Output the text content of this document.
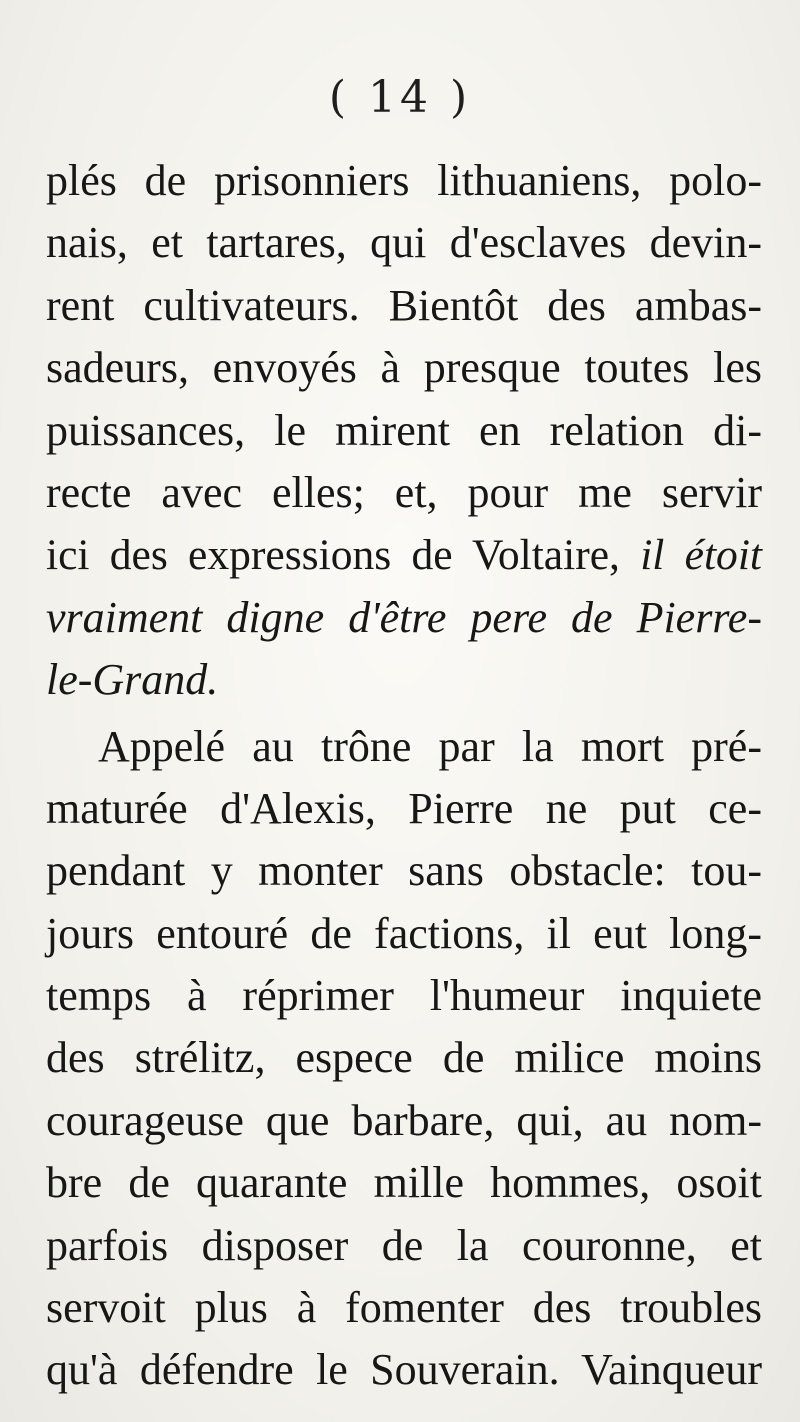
( 14 )
plés de prisonniers lithuaniens, polo-
nais, et tartares, qui d'esclaves devin-
rent cultivateurs. Bientôt des ambas-
sadeurs, envoyés à presque toutes les
puissances, le mirent en relation di-
recte avec elles; et, pour me servir
ici des expressions de Voltaire, il étoit
vraiment digne d'être pere de Pierre-
le-Grand.
Appelé au trône par la mort pré-
maturée d'Alexis, Pierre ne put ce-
pendant y monter sans obstacle: tou-
jours entouré de factions, il eut long-
temps à réprimer l'humeur inquiete
des strélitz, espece de milice moins
courageuse que barbare, qui, au nom-
bre de quarante mille hommes, osoit
parfois disposer de la couronne, et
servoit plus à fomenter des troubles
qu'à défendre le Souverain. Vainqueur
